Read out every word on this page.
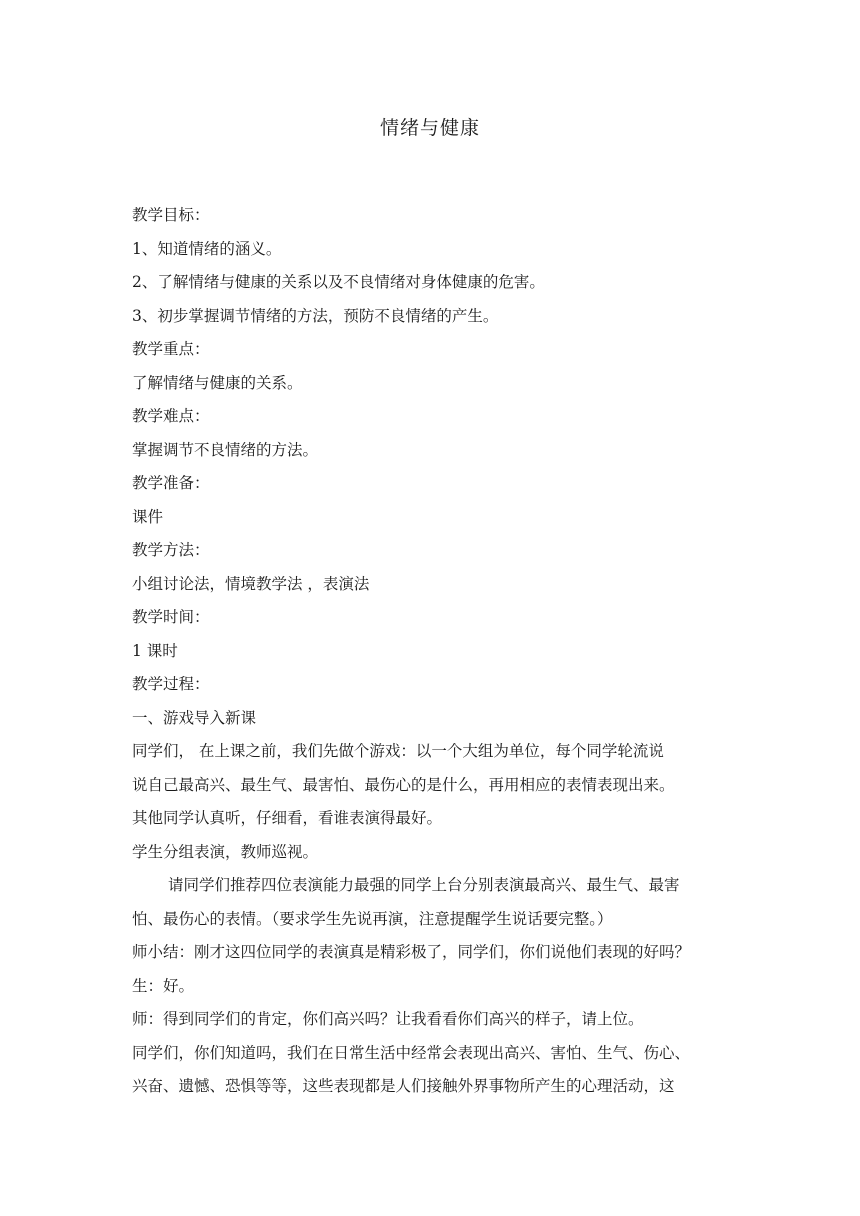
情绪与健康
教学目标：
1、知道情绪的涵义。
2、了解情绪与健康的关系以及不良情绪对身体健康的危害。
3、初步掌握调节情绪的方法，预防不良情绪的产生。
教学重点：
了解情绪与健康的关系。
教学难点：
掌握调节不良情绪的方法。
教学准备：
课件
教学方法：
小组讨论法，情境教学法 ，表演法
教学时间：
1 课时
教学过程：
一、游戏导入新课
同学们， 在上课之前，我们先做个游戏：以一个大组为单位，每个同学轮流说
说自己最高兴、最生气、最害怕、最伤心的是什么，再用相应的表情表现出来。
其他同学认真听，仔细看，看谁表演得最好。
学生分组表演，教师巡视。
请同学们推荐四位表演能力最强的同学上台分别表演最高兴、最生气、最害
怕、最伤心的表情。（要求学生先说再演，注意提醒学生说话要完整。）
师小结：刚才这四位同学的表演真是精彩极了，同学们，你们说他们表现的好吗？
生：好。
师：得到同学们的肯定，你们高兴吗？让我看看你们高兴的样子，请上位。
同学们，你们知道吗，我们在日常生活中经常会表现出高兴、害怕、生气、伤心、
兴奋、遗憾、恐惧等等，这些表现都是人们接触外界事物所产生的心理活动，这
